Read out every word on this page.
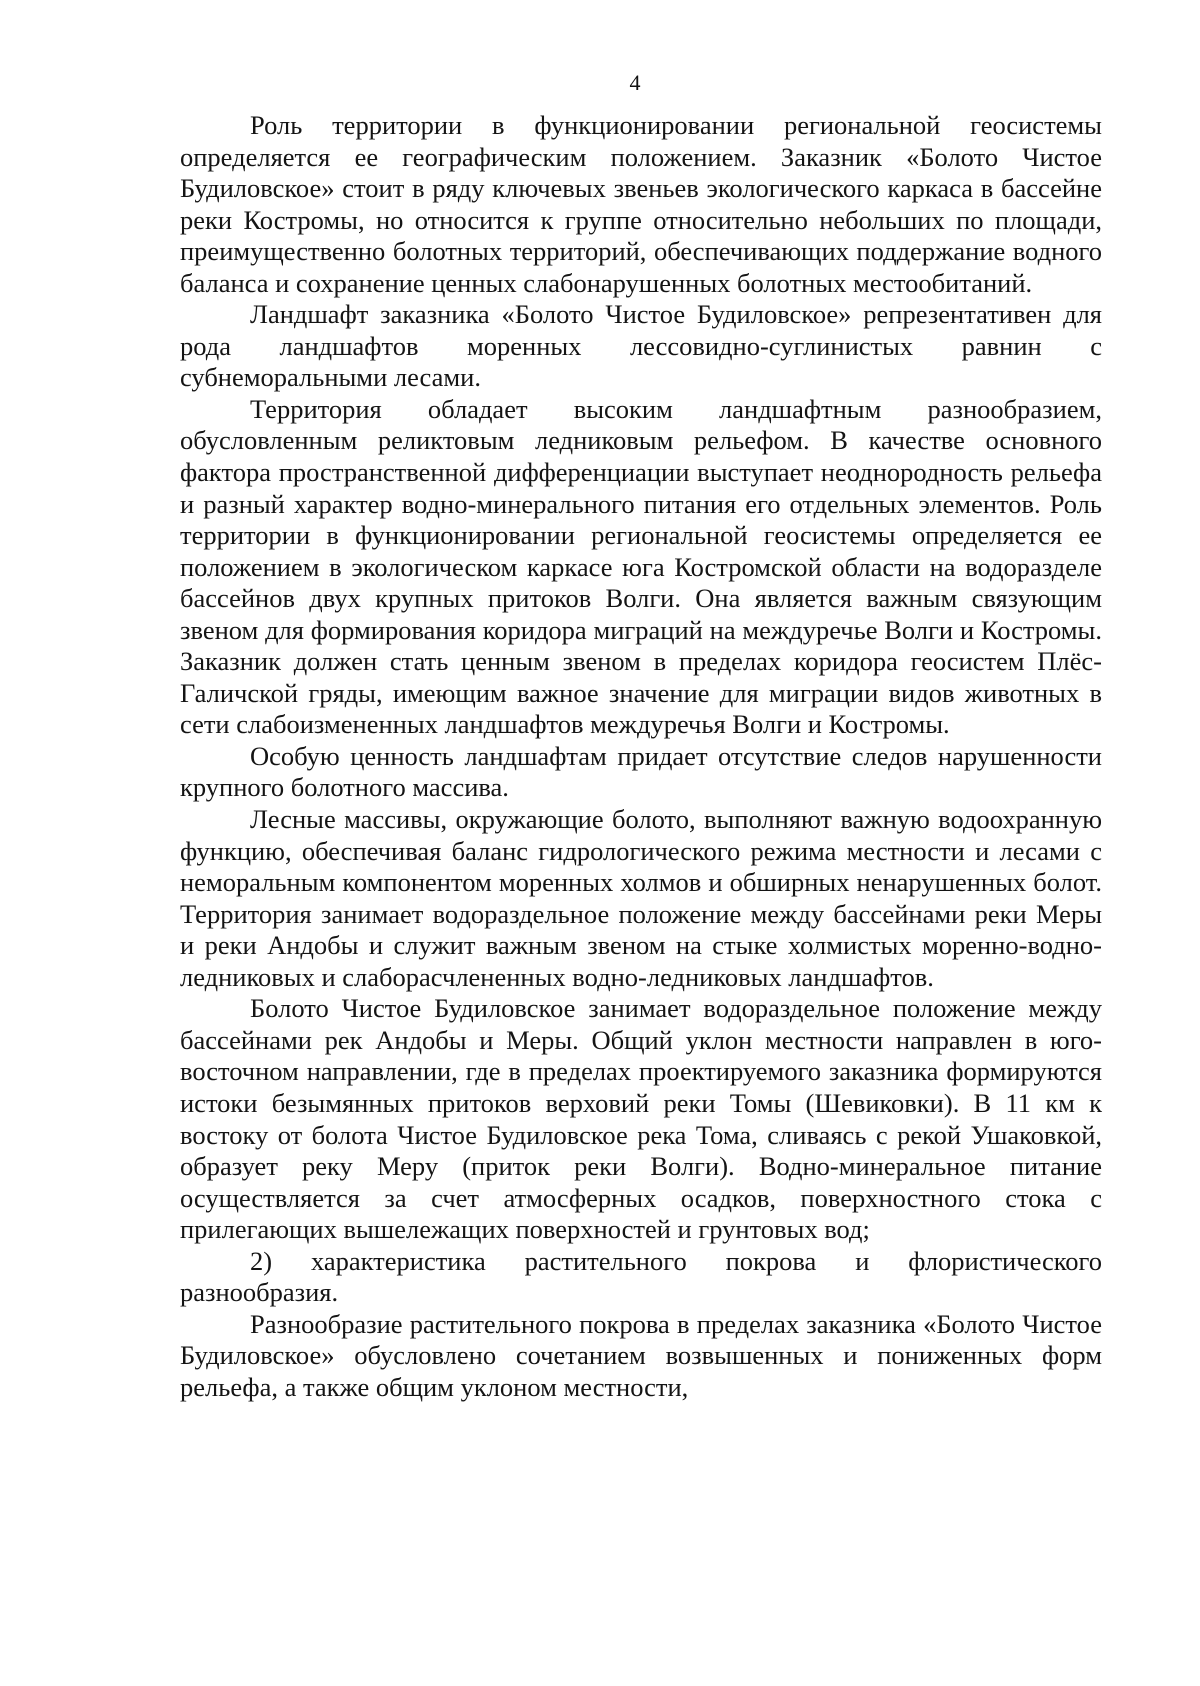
4

Роль территории в функционировании региональной геосистемы определяется ее географическим положением. Заказник «Болото Чистое Будиловское» стоит в ряду ключевых звеньев экологического каркаса в бассейне реки Костромы, но относится к группе относительно небольших по площади, преимущественно болотных территорий, обеспечивающих поддержание водного баланса и сохранение ценных слабонарушенных болотных местообитаний.

Ландшафт заказника «Болото Чистое Будиловское» репрезентативен для рода ландшафтов моренных лессовидно-суглинистых равнин с субнеморальными лесами.

Территория обладает высоким ландшафтным разнообразием, обусловленным реликтовым ледниковым рельефом. В качестве основного фактора пространственной дифференциации выступает неоднородность рельефа и разный характер водно-минерального питания его отдельных элементов. Роль территории в функционировании региональной геосистемы определяется ее положением в экологическом каркасе юга Костромской области на водоразделе бассейнов двух крупных притоков Волги. Она является важным связующим звеном для формирования коридора миграций на междуречье Волги и Костромы. Заказник должен стать ценным звеном в пределах коридора геосистем Плёс-Галичской гряды, имеющим важное значение для миграции видов животных в сети слабоизмененных ландшафтов междуречья Волги и Костромы.

Особую ценность ландшафтам придает отсутствие следов нарушенности крупного болотного массива.

Лесные массивы, окружающие болото, выполняют важную водоохранную функцию, обеспечивая баланс гидрологического режима местности и лесами с неморальным компонентом моренных холмов и обширных ненарушенных болот. Территория занимает водораздельное положение между бассейнами реки Меры и реки Андобы и служит важным звеном на стыке холмистых моренно-водно-ледниковых и слаборасчлененных водно-ледниковых ландшафтов.

Болото Чистое Будиловское занимает водораздельное положение между бассейнами рек Андобы и Меры. Общий уклон местности направлен в юго-восточном направлении, где в пределах проектируемого заказника формируются истоки безымянных притоков верховий реки Томы (Шевиковки). В 11 км к востоку от болота Чистое Будиловское река Тома, сливаясь с рекой Ушаковкой, образует реку Меру (приток реки Волги). Водно-минеральное питание осуществляется за счет атмосферных осадков, поверхностного стока с прилегающих вышележащих поверхностей и грунтовых вод;

2) характеристика растительного покрова и флористического разнообразия.

Разнообразие растительного покрова в пределах заказника «Болото Чистое Будиловское» обусловлено сочетанием возвышенных и пониженных форм рельефа, а также общим уклоном местности,
